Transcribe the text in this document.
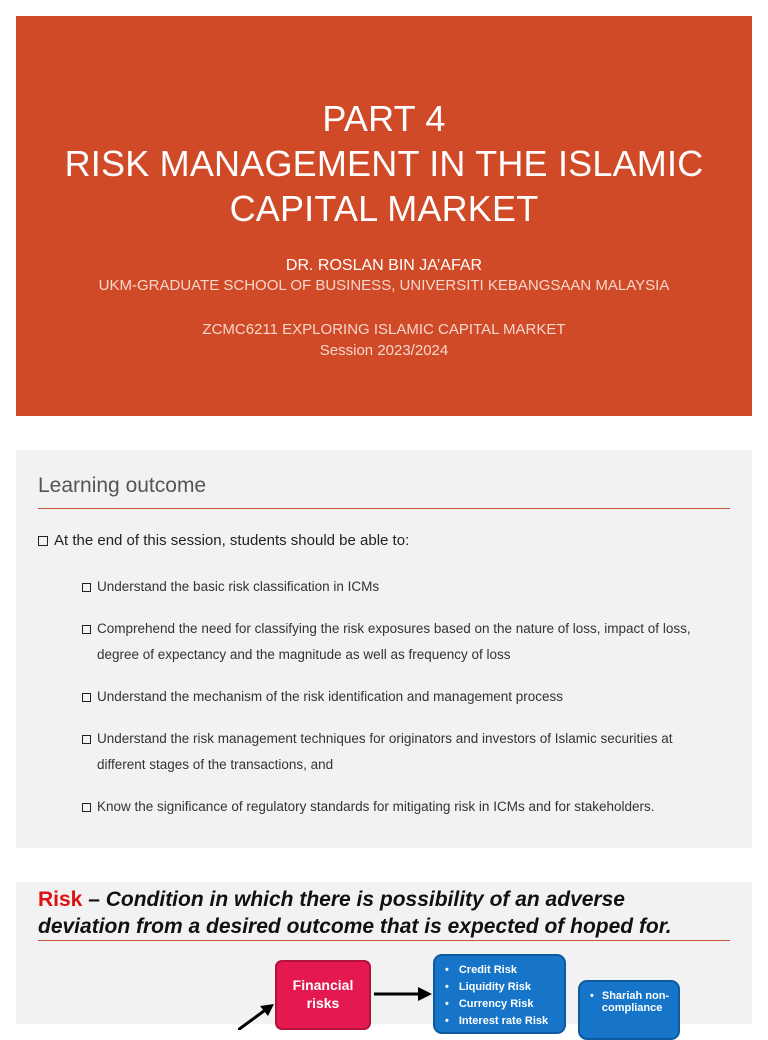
PART 4
RISK MANAGEMENT IN THE ISLAMIC
CAPITAL MARKET
DR. ROSLAN BIN JA’AFAR
UKM-GRADUATE SCHOOL OF BUSINESS, UNIVERSITI KEBANGSAAN MALAYSIA
ZCMC6211 EXPLORING ISLAMIC CAPITAL MARKET
Session 2023/2024
Learning outcome
At the end of this session, students should be able to:
Understand the basic risk classification in ICMs
Comprehend the need for classifying the risk exposures based on the nature of loss, impact of loss, degree of expectancy and the magnitude as well as frequency of loss
Understand the mechanism of the risk identification and management process
Understand the risk management techniques for originators and investors of Islamic securities at different stages of the transactions, and
Know the significance of regulatory standards for mitigating risk in ICMs and for stakeholders.
Risk – Condition in which there is possibility of an adverse
deviation from a desired outcome that is expected of hoped for.
Financial
risks
• Credit Risk
• Liquidity Risk
• Currency Risk
• Interest rate Risk
• Shariah non-compliance
